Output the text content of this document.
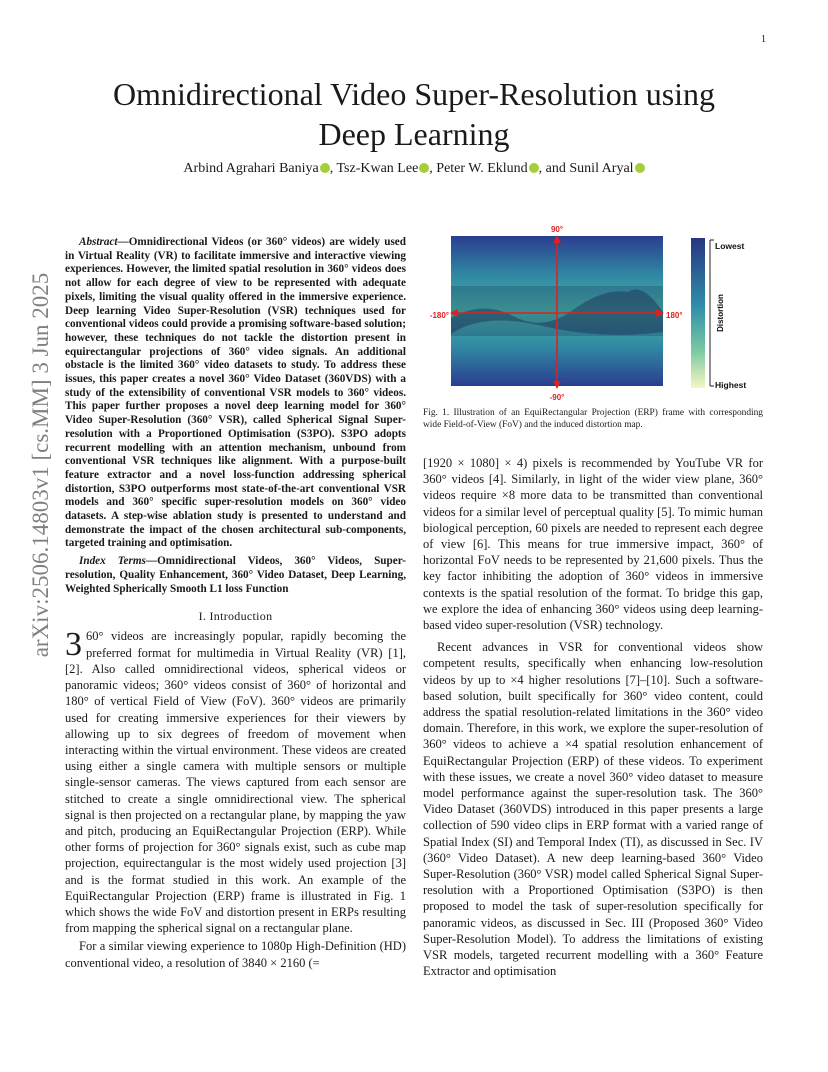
1
arXiv:2506.14803v1 [cs.MM] 3 Jun 2025
Omnidirectional Video Super-Resolution using
Deep Learning
Arbind Agrahari Baniya , Tsz-Kwan Lee , Peter W. Eklund , and Sunil Aryal

Abstract—Omnidirectional Videos (or 360° videos) are widely used in Virtual Reality (VR) to facilitate immersive and interactive viewing experiences. However, the limited spatial resolution in 360° videos does not allow for each degree of view to be represented with adequate pixels, limiting the visual quality offered in the immersive experience. Deep learning Video Super-Resolution (VSR) techniques used for conventional videos could provide a promising software-based solution; however, these techniques do not tackle the distortion present in equirectangular projections of 360° video signals. An additional obstacle is the limited 360° video datasets to study. To address these issues, this paper creates a novel 360° Video Dataset (360VDS) with a study of the extensibility of conventional VSR models to 360° videos. This paper further proposes a novel deep learning model for 360° Video Super-Resolution (360° VSR), called Spherical Signal Super-resolution with a Proportioned Optimisation (S3PO). S3PO adopts recurrent modelling with an attention mechanism, unbound from conventional VSR techniques like alignment. With a purpose-built feature extractor and a novel loss-function addressing spherical distortion, S3PO outperforms most state-of-the-art conventional VSR models and 360° specific super-resolution models on 360° video datasets. A step-wise ablation study is presented to understand and demonstrate the impact of the chosen architectural sub-components, targeted training and optimisation.

Index Terms—Omnidirectional Videos, 360° Videos, Super-resolution, Quality Enhancement, 360° Video Dataset, Deep Learning, Weighted Spherically Smooth L1 loss Function

I. Introduction

3 60° videos are increasingly popular, rapidly becoming the preferred format for multimedia in Virtual Reality (VR) [1], [2]. Also called omnidirectional videos, spherical videos or panoramic videos; 360° videos consist of 360° of horizontal and 180° of vertical Field of View (FoV). 360° videos are primarily used for creating immersive experiences for their viewers by allowing up to six degrees of freedom of movement when interacting within the virtual environment. These videos are created using either a single camera with multiple sensors or multiple single-sensor cameras. The views captured from each sensor are stitched to create a single omnidirectional view. The spherical signal is then projected on a rectangular plane, by mapping the yaw and pitch, producing an EquiRectangular Projection (ERP). While other forms of projection for 360° signals exist, such as cube map projection, equirectangular is the most widely used projection [3] and is the format studied in this work. An example of the EquiRectangular Projection (ERP) frame is illustrated in Fig. 1 which shows the wide FoV and distortion present in ERPs resulting from mapping the spherical signal on a rectangular plane.

For a similar viewing experience to 1080p High-Definition (HD) conventional video, a resolution of 3840 × 2160 (=

90°
-90°
-180°	180°
Lowest
Highest
Distortion
Fig. 1. Illustration of an EquiRectangular Projection (ERP) frame with corresponding wide Field-of-View (FoV) and the induced distortion map.

[1920 × 1080] × 4) pixels is recommended by YouTube VR for 360° videos [4]. Similarly, in light of the wider view plane, 360° videos require ×8 more data to be transmitted than conventional videos for a similar level of perceptual quality [5]. To mimic human biological perception, 60 pixels are needed to represent each degree of view [6]. This means for true immersive impact, 360° of horizontal FoV needs to be represented by 21,600 pixels. Thus the key factor inhibiting the adoption of 360° videos in immersive contexts is the spatial resolution of the format. To bridge this gap, we explore the idea of enhancing 360° videos using deep learning-based video super-resolution (VSR) technology.

Recent advances in VSR for conventional videos show competent results, specifically when enhancing low-resolution videos by up to ×4 higher resolutions [7]–[10]. Such a software-based solution, built specifically for 360° video content, could address the spatial resolution-related limitations in the 360° video domain. Therefore, in this work, we explore the super-resolution of 360° videos to achieve a ×4 spatial resolution enhancement of EquiRectangular Projection (ERP) of these videos. To experiment with these issues, we create a novel 360° video dataset to measure model performance against the super-resolution task. The 360° Video Dataset (360VDS) introduced in this paper presents a large collection of 590 video clips in ERP format with a varied range of Spatial Index (SI) and Temporal Index (TI), as discussed in Sec. IV (360° Video Dataset). A new deep learning-based 360° Video Super-Resolution (360° VSR) model called Spherical Signal Super-resolution with a Proportioned Optimisation (S3PO) is then proposed to model the task of super-resolution specifically for panoramic videos, as discussed in Sec. III (Proposed 360° Video Super-Resolution Model). To address the limitations of existing VSR models, targeted recurrent modelling with a 360° Feature Extractor and optimisation
